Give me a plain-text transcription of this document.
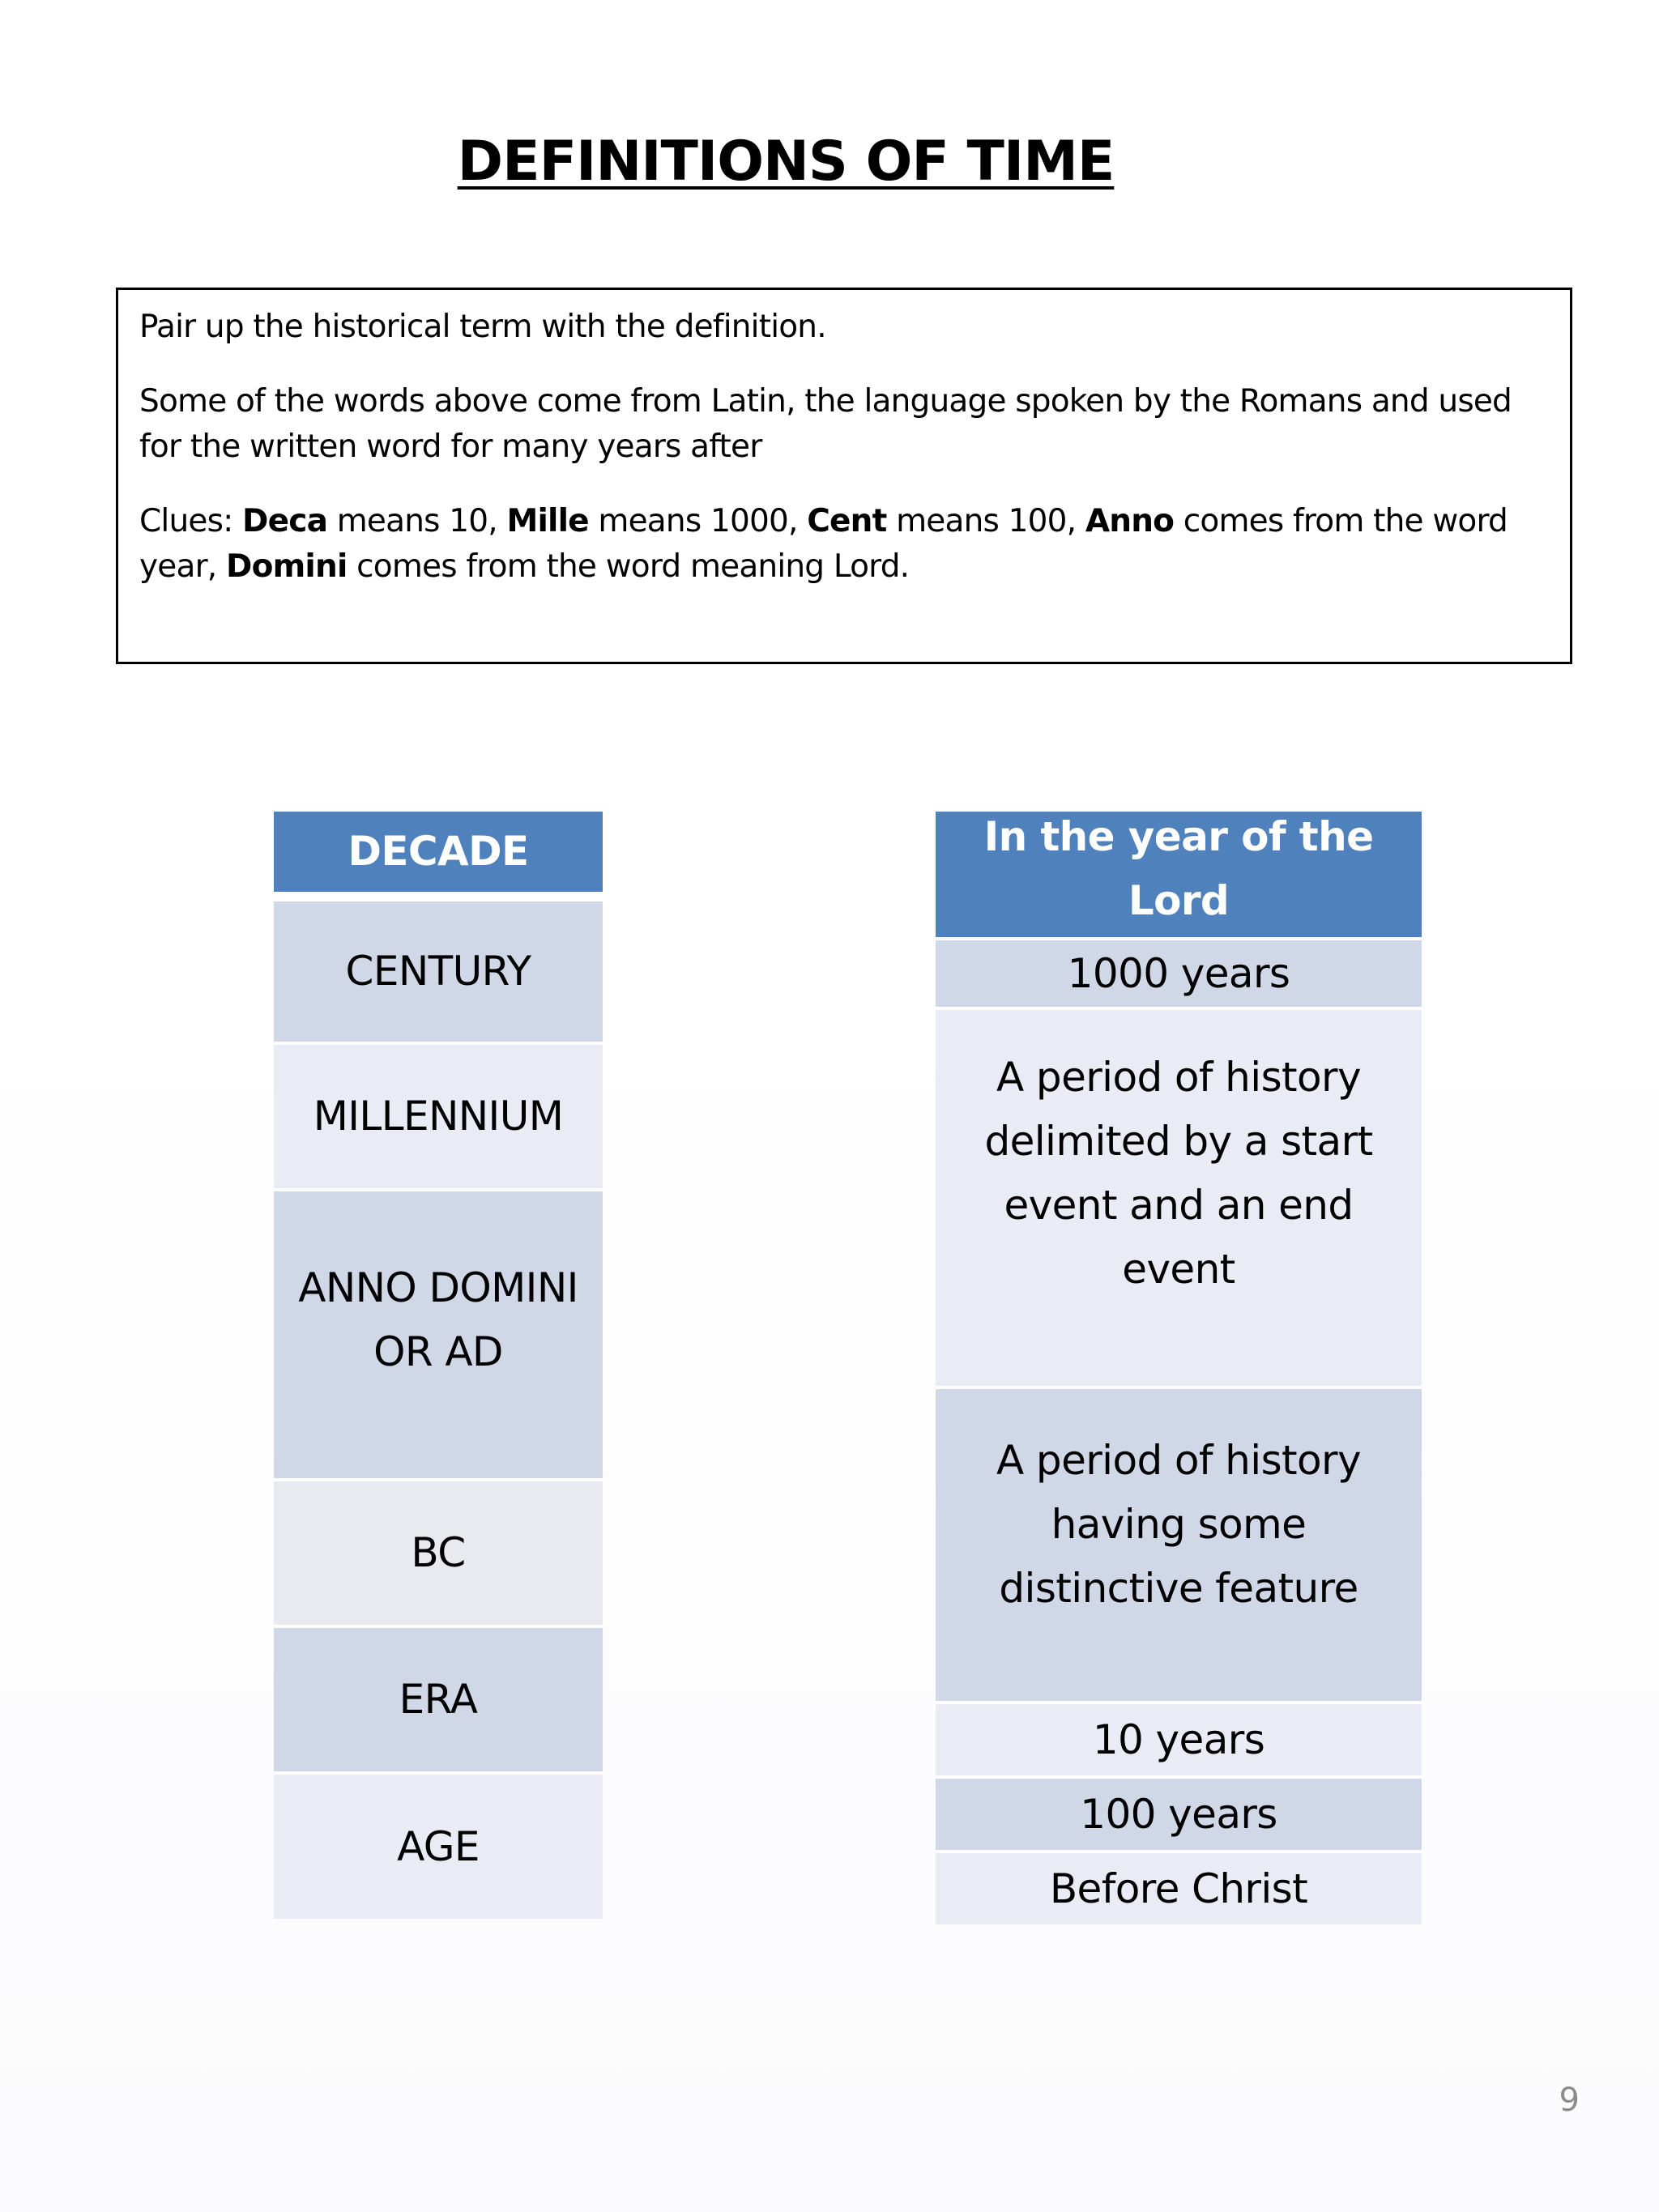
DEFINITIONS OF TIME

Pair up the historical term with the definition.

Some of the words above come from Latin, the language spoken by the Romans and used for the written word for many years after

Clues: Deca means 10, Mille means 1000, Cent means 100, Anno comes from the word year, Domini comes from the word meaning Lord.

DECADE
CENTURY
MILLENNIUM
ANNO DOMINI OR AD
BC
ERA
AGE
In the year of the Lord
1000 years
A period of history delimited by a start event and an end event
A period of history having some distinctive feature
10 years
100 years
Before Christ
9
